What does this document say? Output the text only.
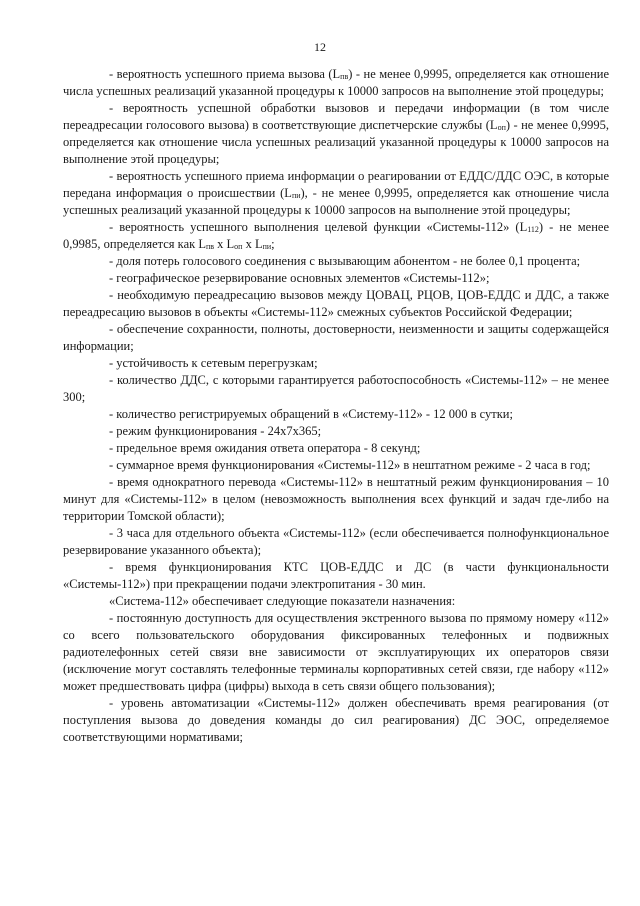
12

- вероятность успешного приема вызова $(L_{пв})$ - не менее 0,9995, определяется как отношение числа успешных реализаций указанной процедуры к 10000 запросов на выполнение этой процедуры;

- вероятность успешной обработки вызовов и передачи информации (в том числе переадресации голосового вызова) в соответствующие диспетчерские службы $(L_{оп})$ - не менее 0,9995, определяется как отношение числа успешных реализаций указанной процедуры к 10000 запросов на выполнение этой процедуры;

- вероятность успешного приема информации о реагировании от ЕДДС/ДДС ОЭС, в которые передана информация о происшествии $(L_{пи})$, - не менее 0,9995, определяется как отношение числа успешных реализаций указанной процедуры к 10000 запросов на выполнение этой процедуры;

- вероятность успешного выполнения целевой функции «Системы-112» $(L_{112})$ - не менее 0,9985, определяется как $L_{пв}$ x $L_{оп}$ x $L_{пи}$;

- доля потерь голосового соединения с вызывающим абонентом - не более 0,1 процента;

- географическое резервирование основных элементов «Системы-112»;

- необходимую переадресацию вызовов между ЦОВАЦ, РЦОВ, ЦОВ-ЕДДС и ДДС, а также переадресацию вызовов в объекты «Системы-112» смежных субъектов Российской Федерации;

- обеспечение сохранности, полноты, достоверности, неизменности и защиты содержащейся информации;

- устойчивость к сетевым перегрузкам;

- количество ДДС, с которыми гарантируется работоспособность «Системы-112» – не менее 300;

- количество регистрируемых обращений в «Систему-112» - 12 000 в сутки;

- режим функционирования - 24x7x365;

- предельное время ожидания ответа оператора - 8 секунд;

- суммарное время функционирования «Системы-112» в нештатном режиме - 2 часа в год;

- время однократного перевода «Системы-112» в нештатный режим функционирования – 10 минут для «Системы-112» в целом (невозможность выполнения всех функций и задач где-либо на территории Томской области);

- 3 часа для отдельного объекта «Системы-112» (если обеспечивается полнофункциональное резервирование указанного объекта);

- время функционирования КТС ЦОВ-ЕДДС и ДС (в части функциональности «Системы-112») при прекращении подачи электропитания - 30 мин.

«Система-112» обеспечивает следующие показатели назначения:

- постоянную доступность для осуществления экстренного вызова по прямому номеру «112» со всего пользовательского оборудования фиксированных телефонных и подвижных радиотелефонных сетей связи вне зависимости от эксплуатирующих их операторов связи (исключение могут составлять телефонные терминалы корпоративных сетей связи, где набору «112» может предшествовать цифра (цифры) выхода в сеть связи общего пользования);

- уровень автоматизации «Системы-112» должен обеспечивать время реагирования (от поступления вызова до доведения команды до сил реагирования) ДС ЭОС, определяемое соответствующими нормативами;
